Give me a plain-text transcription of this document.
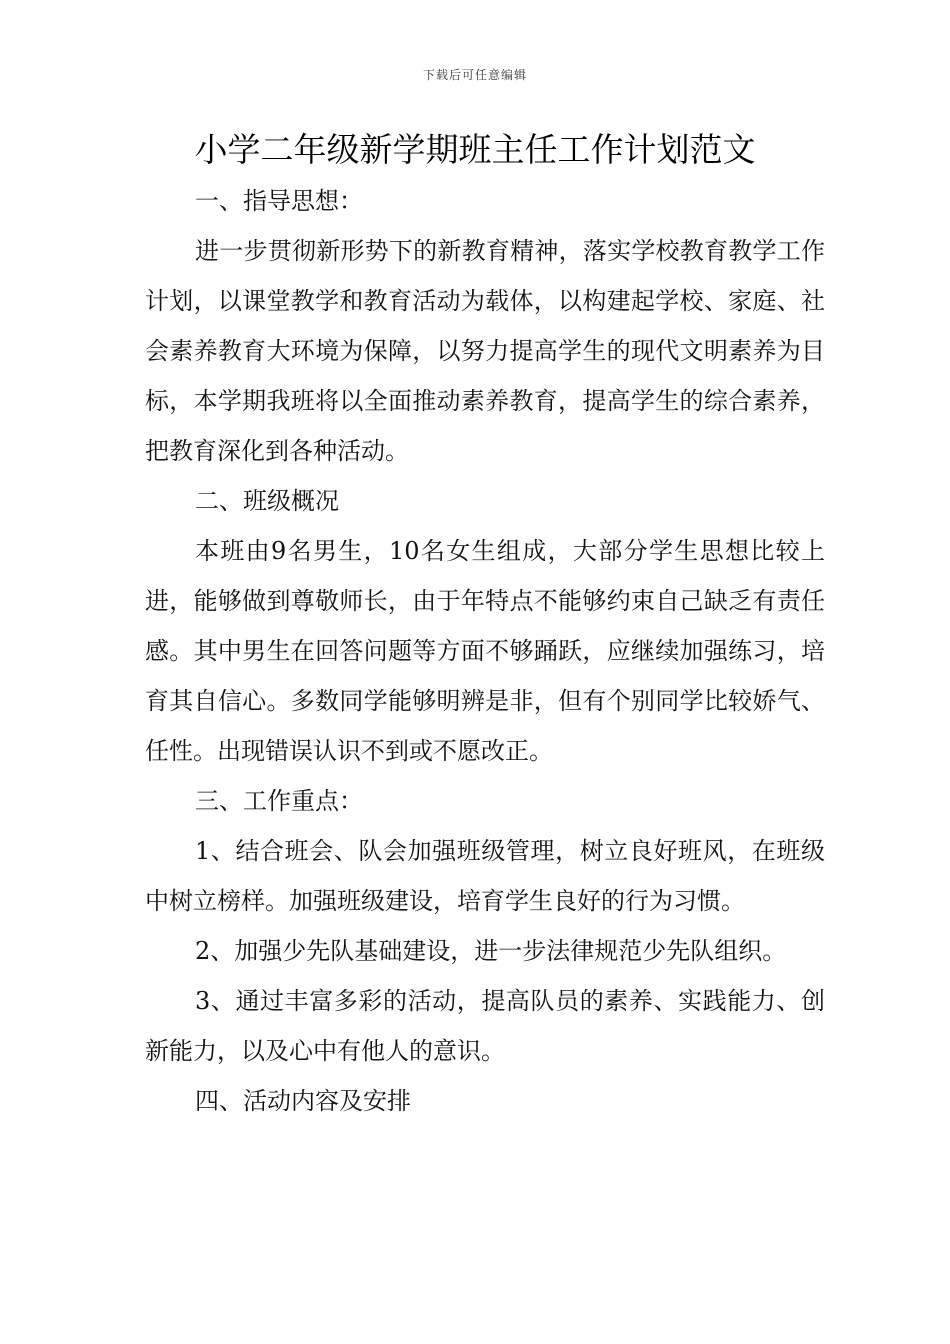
下载后可任意编辑
小学二年级新学期班主任工作计划范文

一、指导思想：

进一步贯彻新形势下的新教育精神，落实学校教育教学工作计划，以课堂教学和教育活动为载体，以构建起学校、家庭、社会素养教育大环境为保障，以努力提高学生的现代文明素养为目标，本学期我班将以全面推动素养教育，提高学生的综合素养，把教育深化到各种活动。

二、班级概况

本班由9名男生，10名女生组成，大部分学生思想比较上进，能够做到尊敬师长，由于年特点不能够约束自己缺乏有责任感。其中男生在回答问题等方面不够踊跃，应继续加强练习，培育其自信心。多数同学能够明辨是非，但有个别同学比较娇气、任性。出现错误认识不到或不愿改正。

三、工作重点：

1、结合班会、队会加强班级管理，树立良好班风，在班级中树立榜样。加强班级建设，培育学生良好的行为习惯。

2、加强少先队基础建设，进一步法律规范少先队组织。

3、通过丰富多彩的活动，提高队员的素养、实践能力、创新能力，以及心中有他人的意识。

四、活动内容及安排
